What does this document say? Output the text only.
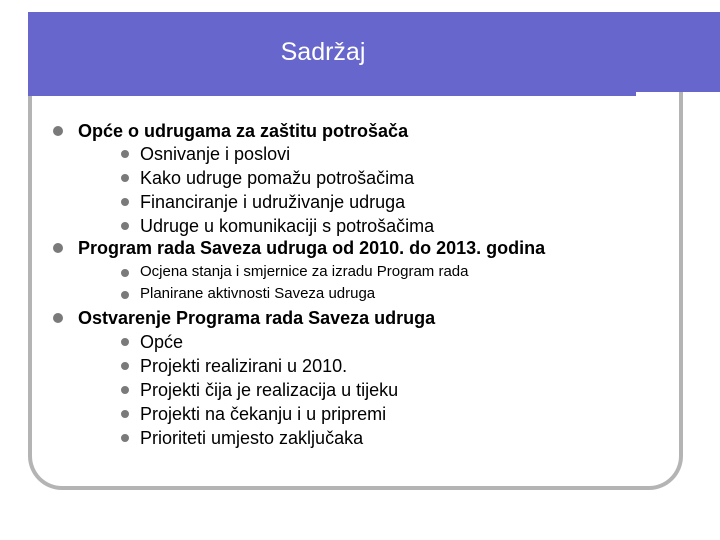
Sadržaj
Opće o udrugama za zaštitu potrošača
Osnivanje i poslovi
Kako udruge pomažu potrošačima
Financiranje i udruživanje udruga
Udruge u komunikaciji s potrošačima
Program rada Saveza udruga od 2010. do 2013. godina
Ocjena stanja i smjernice za izradu Program rada
Planirane aktivnosti Saveza udruga
Ostvarenje Programa rada Saveza udruga
Opće
Projekti realizirani u 2010.
Projekti čija je realizacija u tijeku
Projekti na čekanju i u pripremi
Prioriteti umjesto zaključaka
